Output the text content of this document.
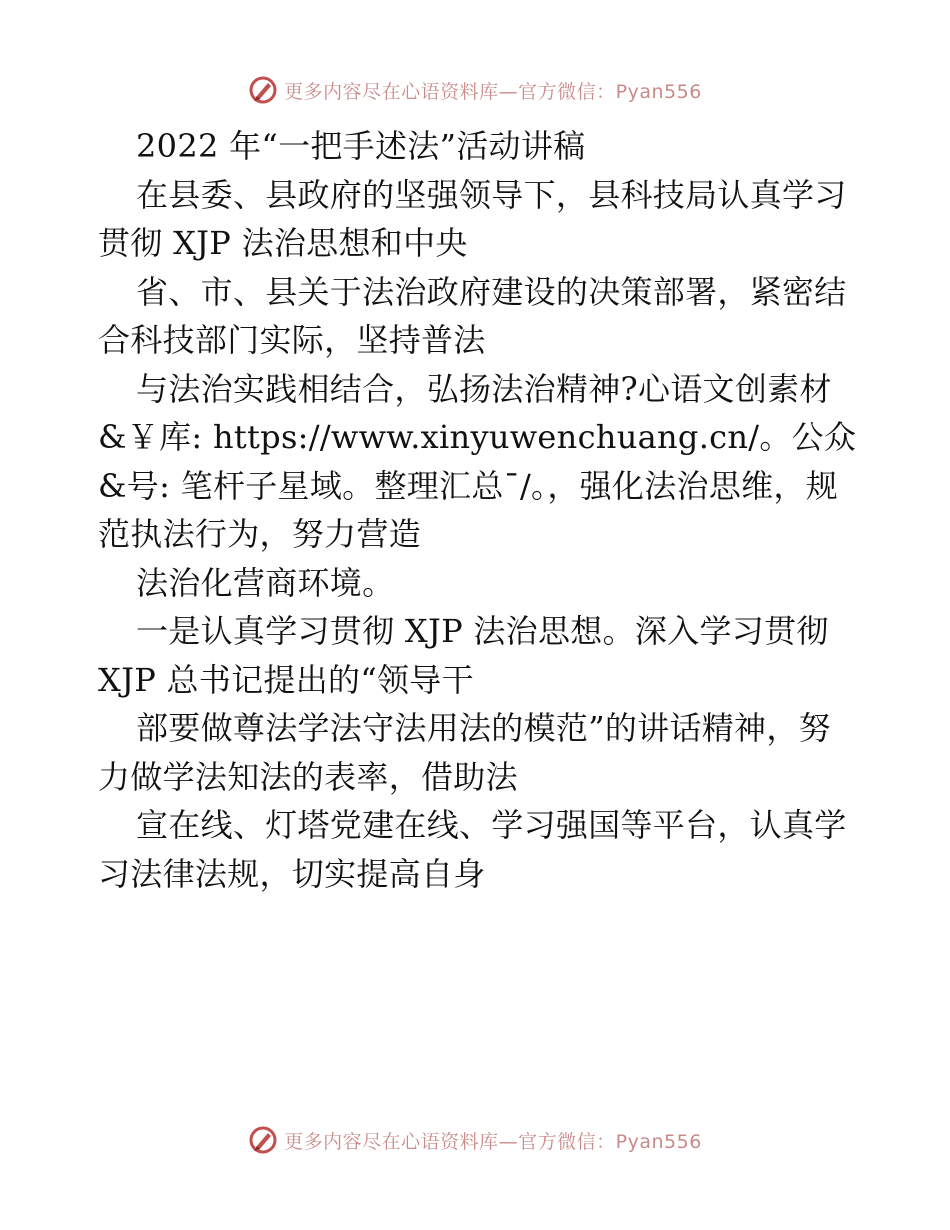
更多内容尽在心语资料库—官方微信：Pyan556

2022 年“一把手述法”活动讲稿

在县委、县政府的坚强领导下，县科技局认真学习贯彻 XJP 法治思想和中央

省、市、县关于法治政府建设的决策部署，紧密结合科技部门实际，坚持普法

与法治实践相结合，弘扬法治精神?心语文创素材&￥库: https://www.xinyuwenchuang.cn/。公众&号: 笔杆子星域。整理汇总¯/。，强化法治思维，规范执法行为，努力营造

法治化营商环境。

一是认真学习贯彻 XJP 法治思想。深入学习贯彻 XJP 总书记提出的“领导干

部要做尊法学法守法用法的模范”的讲话精神，努力做学法知法的表率，借助法

宣在线、灯塔党建在线、学习强国等平台，认真学习法律法规，切实提高自身

更多内容尽在心语资料库—官方微信：Pyan556
